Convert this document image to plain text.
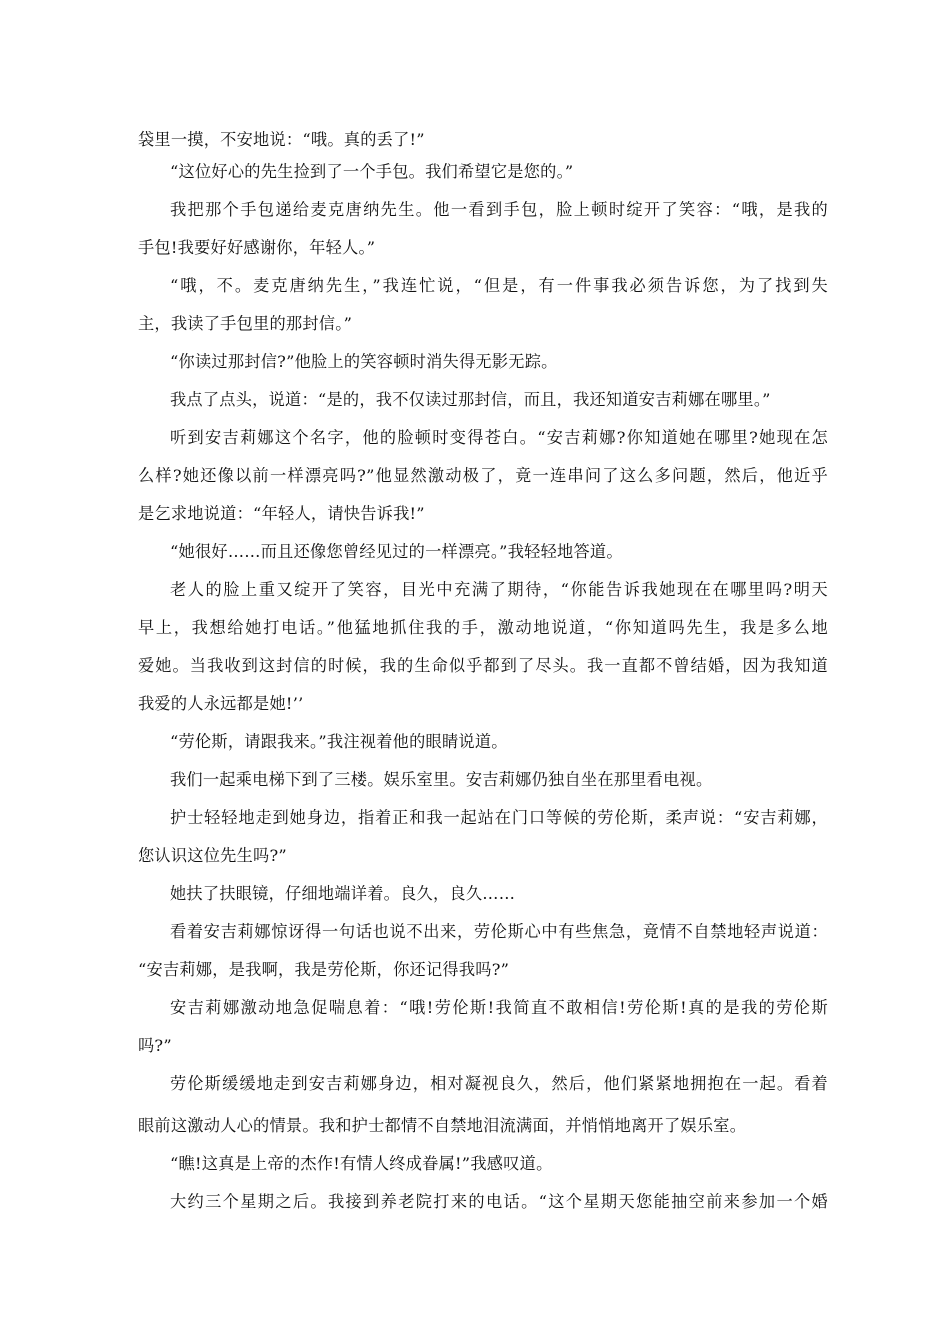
袋里一摸，不安地说：“哦。真的丢了!”
“这位好心的先生捡到了一个手包。我们希望它是您的。”
我把那个手包递给麦克唐纳先生。他一看到手包，脸上顿时绽开了笑容：“哦，是我的
手包!我要好好感谢你，年轻人。”
“哦，不。麦克唐纳先生，”我连忙说，“但是，有一件事我必须告诉您，为了找到失
主，我读了手包里的那封信。”
“你读过那封信?”他脸上的笑容顿时消失得无影无踪。
我点了点头，说道：“是的，我不仅读过那封信，而且，我还知道安吉莉娜在哪里。”
听到安吉莉娜这个名字，他的脸顿时变得苍白。“安吉莉娜?你知道她在哪里?她现在怎
么样?她还像以前一样漂亮吗?”他显然激动极了，竟一连串问了这么多问题，然后，他近乎
是乞求地说道：“年轻人，请快告诉我!”
“她很好……而且还像您曾经见过的一样漂亮。”我轻轻地答道。
老人的脸上重又绽开了笑容，目光中充满了期待，“你能告诉我她现在在哪里吗?明天
早上，我想给她打电话。”他猛地抓住我的手，激动地说道，“你知道吗先生，我是多么地
爱她。当我收到这封信的时候，我的生命似乎都到了尽头。我一直都不曾结婚，因为我知道
我爱的人永远都是她!’’
“劳伦斯，请跟我来。”我注视着他的眼睛说道。
我们一起乘电梯下到了三楼。娱乐室里。安吉莉娜仍独自坐在那里看电视。
护士轻轻地走到她身边，指着正和我一起站在门口等候的劳伦斯，柔声说：“安吉莉娜，
您认识这位先生吗?”
她扶了扶眼镜，仔细地端详着。良久，良久……
看着安吉莉娜惊讶得一句话也说不出来，劳伦斯心中有些焦急，竟情不自禁地轻声说道：
“安吉莉娜，是我啊，我是劳伦斯，你还记得我吗?”
安吉莉娜激动地急促喘息着：“哦!劳伦斯!我简直不敢相信!劳伦斯!真的是我的劳伦斯
吗?”
劳伦斯缓缓地走到安吉莉娜身边，相对凝视良久，然后，他们紧紧地拥抱在一起。看着
眼前这激动人心的情景。我和护士都情不自禁地泪流满面，并悄悄地离开了娱乐室。
“瞧!这真是上帝的杰作!有情人终成眷属!”我感叹道。
大约三个星期之后。我接到养老院打来的电话。“这个星期天您能抽空前来参加一个婚
